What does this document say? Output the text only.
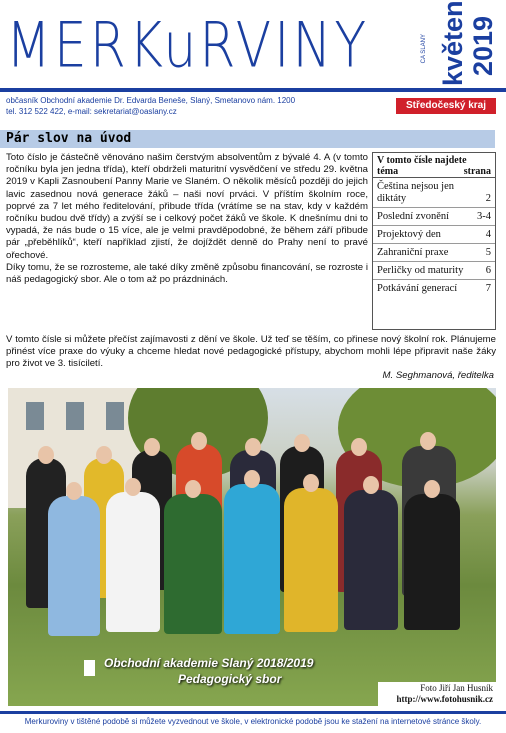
MERKuRVINY	ČA SLANÝ květen 2019
občasník Obchodní akademie Dr. Edvarda Beneše, Slaný, Smetanovo nám. 1200
tel. 312 522 422, e-mail: sekretariat@oaslany.cz
Středočeský kraj
Pár slov na úvod

Toto číslo je částečně věnováno našim čerstvým absolventům z bývalé 4. A (v tomto ročníku byla jen jedna třída), kteří obdrželi maturitní vysvědčení ve středu 29. května 2019 v Kapli Zasnoubení Panny Marie ve Slaném. O několik měsíců později do jejich lavic zasednou nová generace žáků – naši noví prváci. V příštím školním roce, poprvé za 7 let mého ředitelování, přibude třída (vrátíme se na stav, kdy v každém ročníku budou dvě třídy) a zvýší se i celkový počet žáků ve škole. K dnešnímu dni to vypadá, že nás bude o 15 více, ale je velmi pravděpodobné, že během září přibude pár „přeběhlíků“, kteří například zjistí, že dojíždět denně do Prahy není to pravé ořechové.

Díky tomu, že se rozrosteme, ale také díky změně způsobu financování, se rozroste i náš pedagogický sbor. Ale o tom až po prázdninách.

V tomto čísle najdete
téma	strana
Čeština nejsou jen diktáty	2
Poslední zvonění	3-4
Projektový den	4
Zahraniční praxe	5
Perličky od maturity 6
Potkávání generací	7
V tomto čísle si můžete přečíst zajímavosti z dění ve škole. Už teď se těším, co přinese nový školní rok. Plánujeme přinést více praxe do výuky a chceme hledat nové pedagogické přístupy, abychom mohli lépe připravit naše žáky pro život ve 3. tisíciletí.
M. Seghmanová, ředitelka
Obchodní akademie Slaný 2018/2019
Pedagogický sbor
Foto Jiří Jan Husník
http://www.fotohusnik.cz
Merkuroviny v tištěné podobě si můžete vyzvednout ve škole, v elektronické podobě jsou ke stažení na internetové stránce školy.
